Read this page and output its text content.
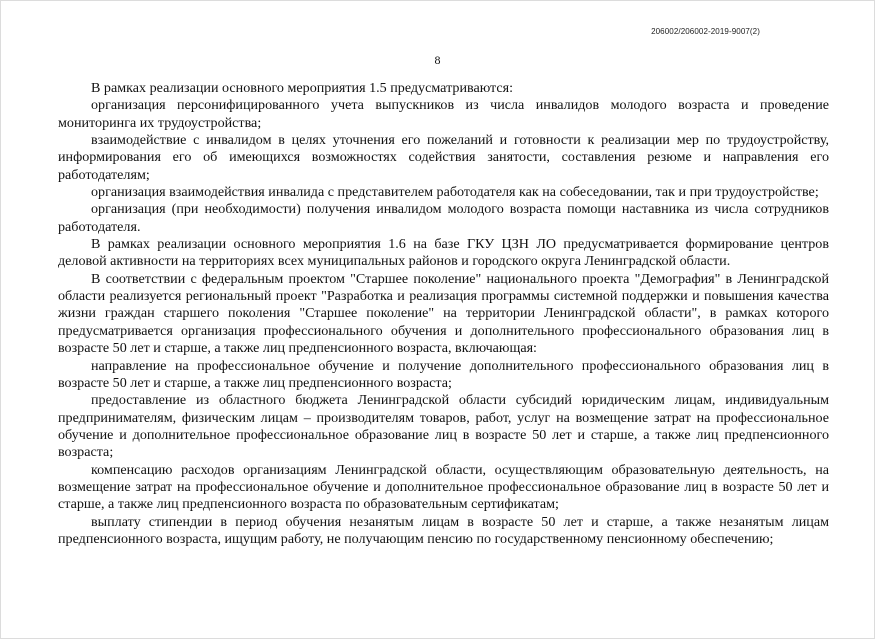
206002/206002-2019-9007(2)
8

В рамках реализации основного мероприятия 1.5 предусматриваются:

организация персонифицированного учета выпускников из числа инвалидов молодого возраста и проведение мониторинга их трудоустройства;

взаимодействие с инвалидом в целях уточнения его пожеланий и готовности к реализации мер по трудоустройству, информирования его об имеющихся возможностях содействия занятости, составления резюме и направления его работодателям;

организация взаимодействия инвалида с представителем работодателя как на собеседовании, так и при трудоустройстве;

организация (при необходимости) получения инвалидом молодого возраста помощи наставника из числа сотрудников работодателя.

В рамках реализации основного мероприятия 1.6 на базе ГКУ ЦЗН ЛО предусматривается формирование центров деловой активности на территориях всех муниципальных районов и городского округа Ленинградской области.

В соответствии с федеральным проектом "Старшее поколение" национального проекта "Демография" в Ленинградской области реализуется региональный проект "Разработка и реализация программы системной поддержки и повышения качества жизни граждан старшего поколения "Старшее поколение" на территории Ленинградской области", в рамках которого предусматривается организация профессионального обучения и дополнительного профессионального образования лиц в возрасте 50 лет и старше, а также лиц предпенсионного возраста, включающая:

направление на профессиональное обучение и получение дополнительного профессионального образования лиц в возрасте 50 лет и старше, а также лиц предпенсионного возраста;

предоставление из областного бюджета Ленинградской области субсидий юридическим лицам, индивидуальным предпринимателям, физическим лицам – производителям товаров, работ, услуг на возмещение затрат на профессиональное обучение и дополнительное профессиональное образование лиц в возрасте 50 лет и старше, а также лиц предпенсионного возраста;

компенсацию расходов организациям Ленинградской области, осуществляющим образовательную деятельность, на возмещение затрат на профессиональное обучение и дополнительное профессиональное образование лиц в возрасте 50 лет и старше, а также лиц предпенсионного возраста по образовательным сертификатам;

выплату стипендии в период обучения незанятым лицам в возрасте 50 лет и старше, а также незанятым лицам предпенсионного возраста, ищущим работу, не получающим пенсию по государственному пенсионному обеспечению;
